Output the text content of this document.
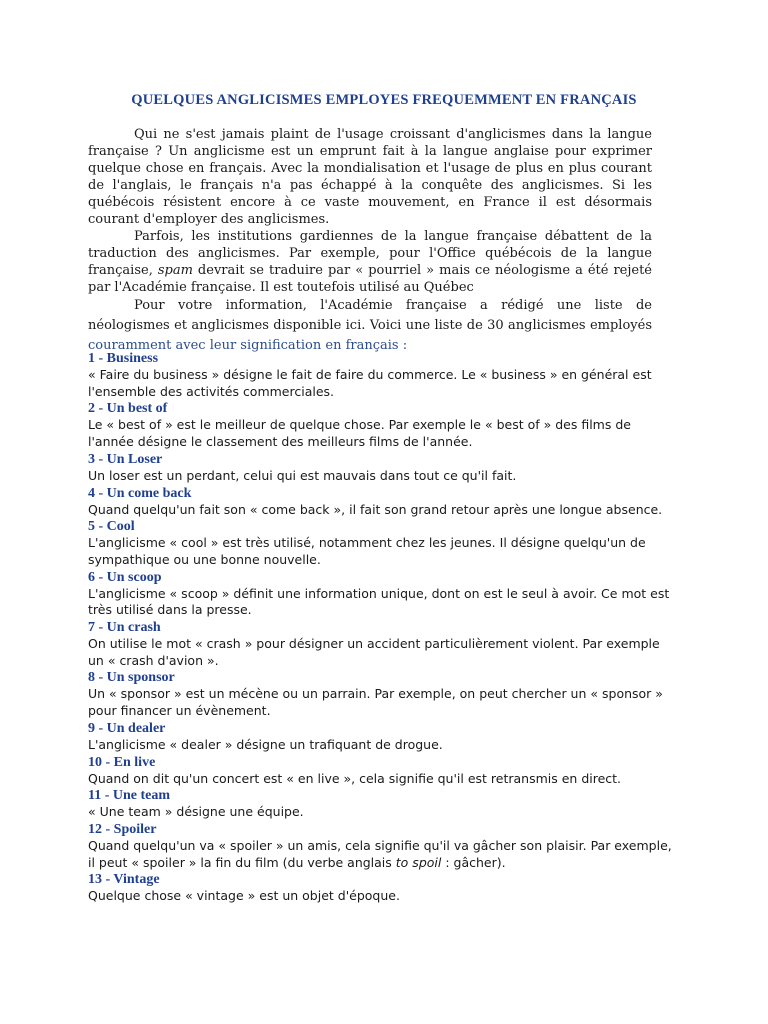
QUELQUES ANGLICISMES EMPLOYES FREQUEMMENT EN FRANÇAIS

Qui ne s'est jamais plaint de l'usage croissant d'anglicismes dans la langue française ? Un anglicisme est un emprunt fait à la langue anglaise pour exprimer quelque chose en français. Avec la mondialisation et l'usage de plus en plus courant de l'anglais, le français n'a pas échappé à la conquête des anglicismes. Si les québécois résistent encore à ce vaste mouvement, en France il est désormais courant d'employer des anglicismes.

Parfois, les institutions gardiennes de la langue française débattent de la traduction des anglicismes. Par exemple, pour l'Office québécois de la langue française, spam devrait se traduire par « pourriel » mais ce néologisme a été rejeté par l'Académie française. Il est toutefois utilisé au Québec

Pour votre information, l'Académie française a rédigé une liste de néologismes et anglicismes disponible ici. Voici une liste de 30 anglicismes employés couramment avec leur signification en français :

1 - Business

« Faire du business » désigne le fait de faire du commerce. Le « business » en général est l'ensemble des activités commerciales.

2 - Un best of

Le « best of » est le meilleur de quelque chose. Par exemple le « best of » des films de l'année désigne le classement des meilleurs films de l'année.

3 - Un Loser

Un loser est un perdant, celui qui est mauvais dans tout ce qu'il fait.

4 - Un come back

Quand quelqu'un fait son « come back », il fait son grand retour après une longue absence.

5 - Cool

L'anglicisme « cool » est très utilisé, notamment chez les jeunes. Il désigne quelqu'un de sympathique ou une bonne nouvelle.

6 - Un scoop

L'anglicisme « scoop » définit une information unique, dont on est le seul à avoir. Ce mot est très utilisé dans la presse.

7 - Un crash

On utilise le mot « crash » pour désigner un accident particulièrement violent. Par exemple un « crash d'avion ».

8 - Un sponsor

Un « sponsor » est un mécène ou un parrain. Par exemple, on peut chercher un « sponsor » pour financer un évènement.

9 - Un dealer

L'anglicisme « dealer » désigne un trafiquant de drogue.

10 - En live

Quand on dit qu'un concert est « en live », cela signifie qu'il est retransmis en direct.

11 - Une team

« Une team » désigne une équipe.

12 - Spoiler

Quand quelqu'un va « spoiler » un amis, cela signifie qu'il va gâcher son plaisir. Par exemple, il peut « spoiler » la fin du film (du verbe anglais to spoil : gâcher).

13 - Vintage

Quelque chose « vintage » est un objet d'époque.
